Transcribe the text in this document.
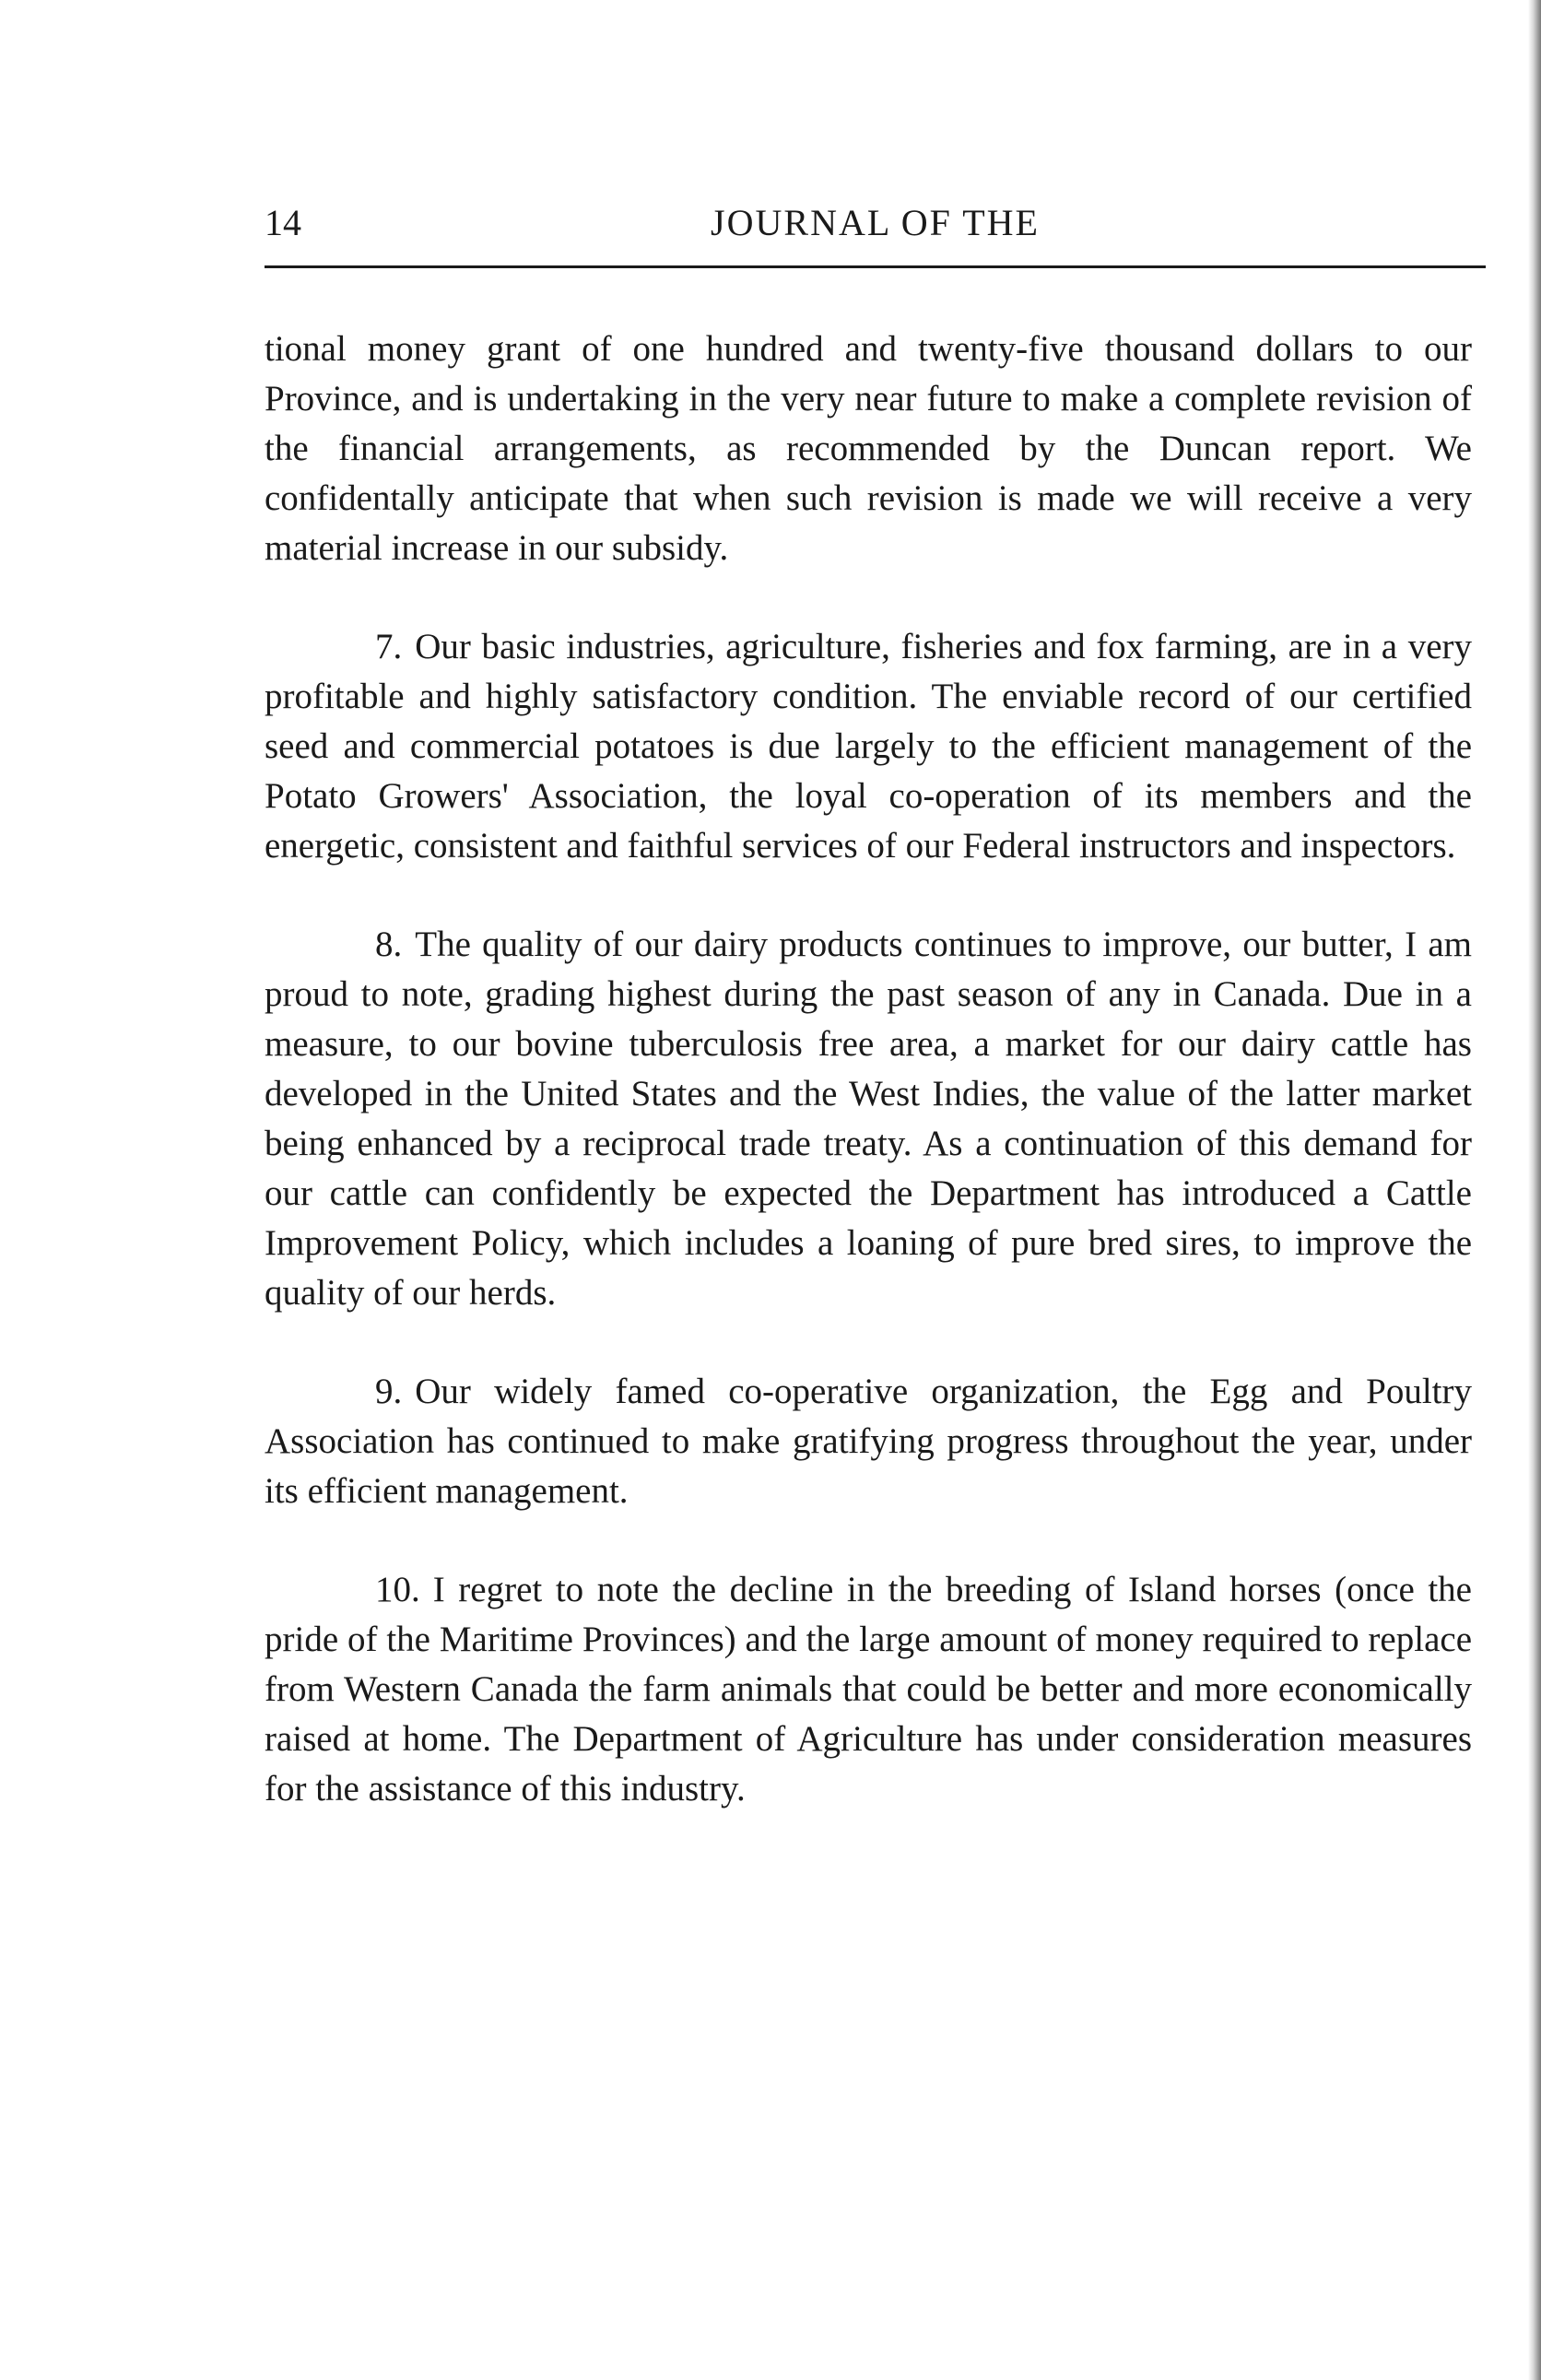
JOURNAL OF THE
14

tional money grant of one hundred and twenty-five thousand dollars to our Province, and is undertaking in the very near future to make a complete revision of the financial arrangements, as recommended by the Duncan report. We confidentally anticipate that when such revision is made we will receive a very material increase in our subsidy.

7. Our basic industries, agriculture, fisheries and fox farming, are in a very profitable and highly satisfactory condition. The enviable record of our certified seed and commercial potatoes is due largely to the efficient management of the Potato Growers' Association, the loyal co-operation of its members and the energetic, consistent and faithful services of our Federal instructors and inspectors.

8. The quality of our dairy products continues to improve, our butter, I am proud to note, grading highest during the past season of any in Canada. Due in a measure, to our bovine tuberculosis free area, a market for our dairy cattle has developed in the United States and the West Indies, the value of the latter market being enhanced by a reciprocal trade treaty. As a continuation of this demand for our cattle can confidently be expected the Department has introduced a Cattle Improvement Policy, which includes a loaning of pure bred sires, to improve the quality of our herds.

9. Our widely famed co-operative organization, the Egg and Poultry Association has continued to make gratifying progress throughout the year, under its efficient management.

10. I regret to note the decline in the breeding of Island horses (once the pride of the Maritime Provinces) and the large amount of money required to replace from Western Canada the farm animals that could be better and more economically raised at home. The Department of Agriculture has under consideration measures for the assistance of this industry.
